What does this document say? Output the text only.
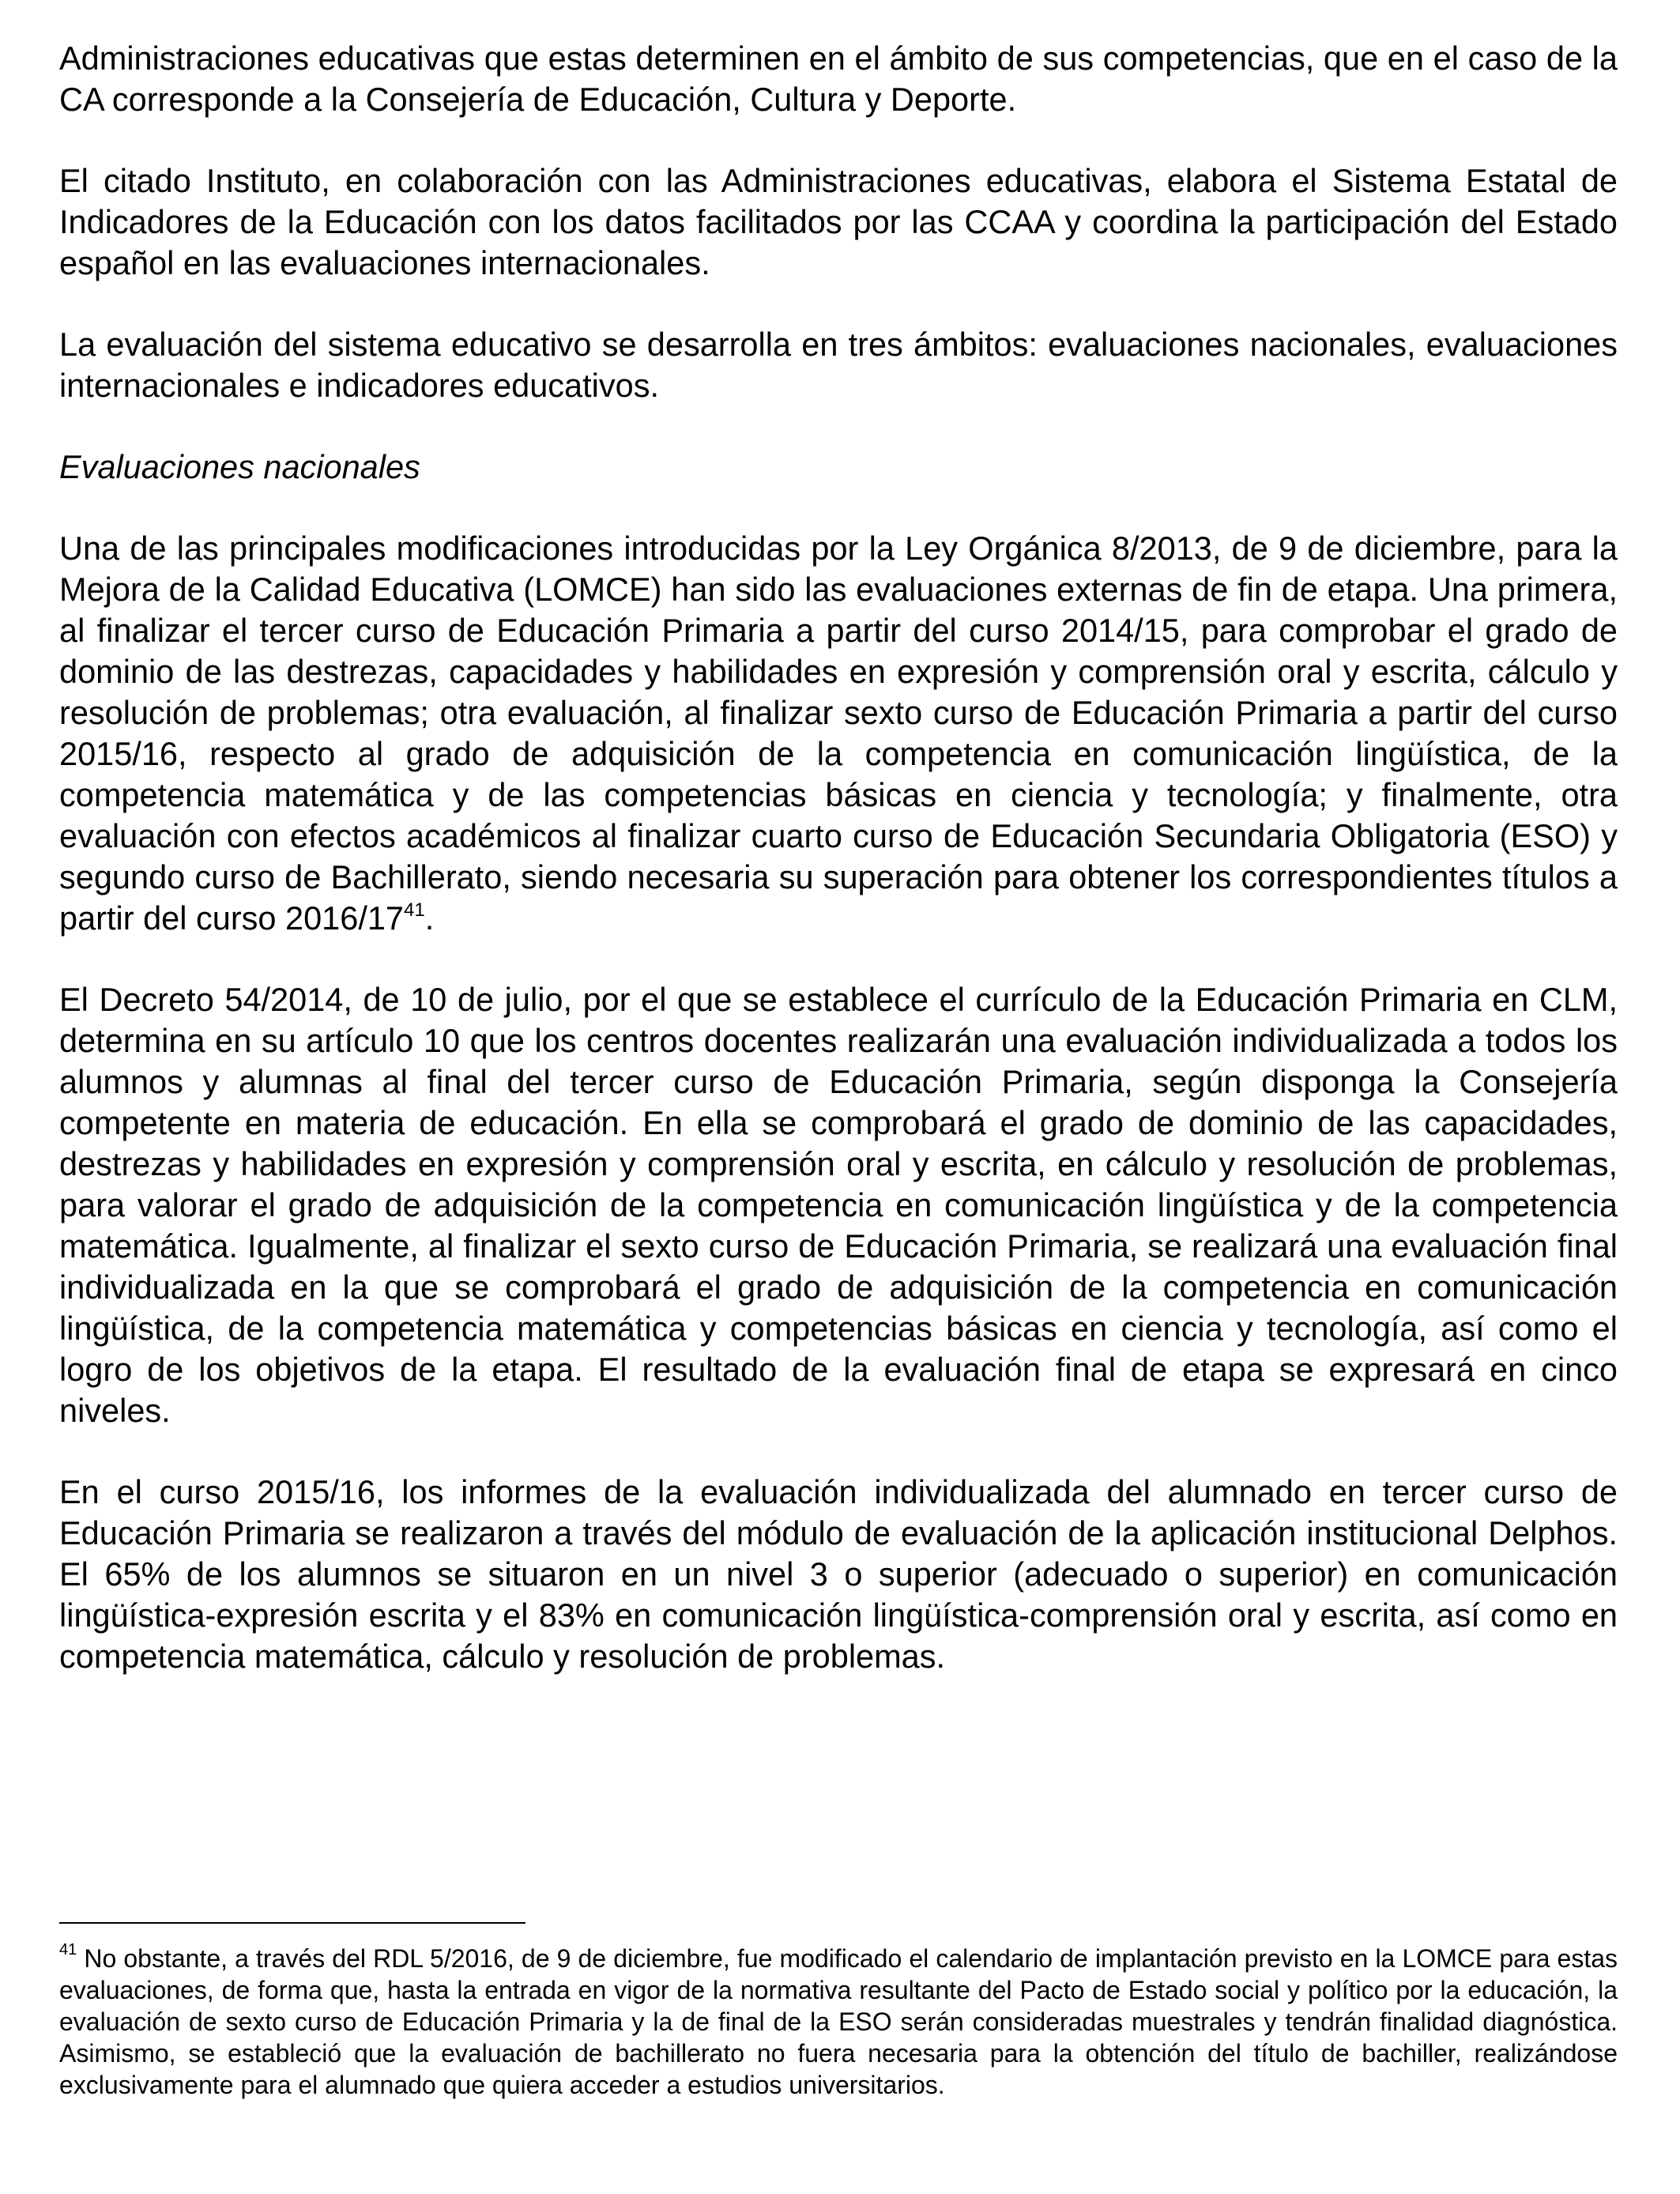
Administraciones educativas que estas determinen en el ámbito de sus competencias, que en el caso de la CA corresponde a la Consejería de Educación, Cultura y Deporte.

El citado Instituto, en colaboración con las Administraciones educativas, elabora el Sistema Estatal de Indicadores de la Educación con los datos facilitados por las CCAA y coordina la participación del Estado español en las evaluaciones internacionales.

La evaluación del sistema educativo se desarrolla en tres ámbitos: evaluaciones nacionales, evaluaciones internacionales e indicadores educativos.

Evaluaciones nacionales

Una de las principales modificaciones introducidas por la Ley Orgánica 8/2013, de 9 de diciembre, para la Mejora de la Calidad Educativa (LOMCE) han sido las evaluaciones externas de fin de etapa. Una primera, al finalizar el tercer curso de Educación Primaria a partir del curso 2014/15, para comprobar el grado de dominio de las destrezas, capacidades y habilidades en expresión y comprensión oral y escrita, cálculo y resolución de problemas; otra evaluación, al finalizar sexto curso de Educación Primaria a partir del curso 2015/16, respecto al grado de adquisición de la competencia en comunicación lingüística, de la competencia matemática y de las competencias básicas en ciencia y tecnología; y finalmente, otra evaluación con efectos académicos al finalizar cuarto curso de Educación Secundaria Obligatoria (ESO) y segundo curso de Bachillerato, siendo necesaria su superación para obtener los correspondientes títulos a partir del curso $2016/17^{41}$.

El Decreto 54/2014, de 10 de julio, por el que se establece el currículo de la Educación Primaria en CLM, determina en su artículo 10 que los centros docentes realizarán una evaluación individualizada a todos los alumnos y alumnas al final del tercer curso de Educación Primaria, según disponga la Consejería competente en materia de educación. En ella se comprobará el grado de dominio de las capacidades, destrezas y habilidades en expresión y comprensión oral y escrita, en cálculo y resolución de problemas, para valorar el grado de adquisición de la competencia en comunicación lingüística y de la competencia matemática. Igualmente, al finalizar el sexto curso de Educación Primaria, se realizará una evaluación final individualizada en la que se comprobará el grado de adquisición de la competencia en comunicación lingüística, de la competencia matemática y competencias básicas en ciencia y tecnología, así como el logro de los objetivos de la etapa. El resultado de la evaluación final de etapa se expresará en cinco niveles.

En el curso 2015/16, los informes de la evaluación individualizada del alumnado en tercer curso de Educación Primaria se realizaron a través del módulo de evaluación de la aplicación institucional Delphos. El 65% de los alumnos se situaron en un nivel 3 o superior (adecuado o superior) en comunicación lingüística-expresión escrita y el 83% en comunicación lingüística-comprensión oral y escrita, así como en competencia matemática, cálculo y resolución de problemas.

$^{41}$ No obstante, a través del RDL 5/2016, de 9 de diciembre, fue modificado el calendario de implantación previsto en la LOMCE para estas evaluaciones, de forma que, hasta la entrada en vigor de la normativa resultante del Pacto de Estado social y político por la educación, la evaluación de sexto curso de Educación Primaria y la de final de la ESO serán consideradas muestrales y tendrán finalidad diagnóstica. Asimismo, se estableció que la evaluación de bachillerato no fuera necesaria para la obtención del título de bachiller, realizándose exclusivamente para el alumnado que quiera acceder a estudios universitarios.
